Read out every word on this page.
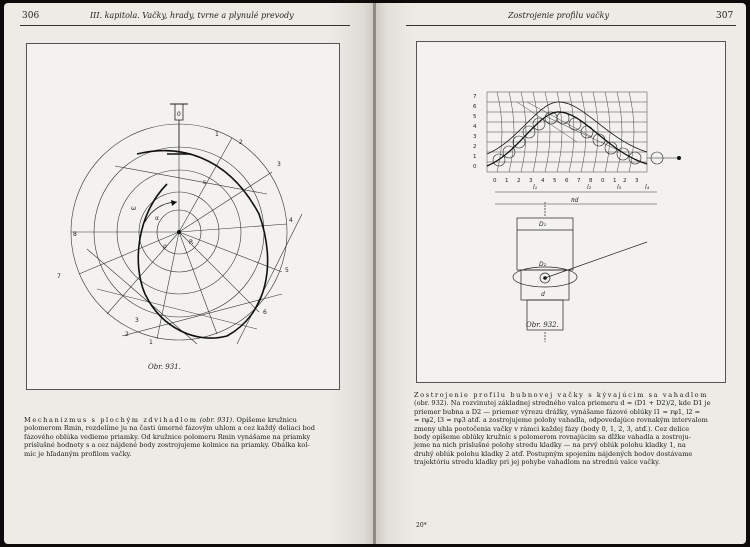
306	III. kapitola. Vačky, hrady, tvrne a plynulé prevody
1
2
3
4
5
6
7
8
3
2
1
0
ω
α
R
ρ
s
Obr. 931.

Mechanizmus s plochým zdvihadlom (obr. 931). Opíšeme kružnicu

polomerom Rmin, rozdelíme ju na časti úmerné fázovým uhlom a cez každý deliaci bod

fázového oblúka vedieme priamky. Od kružnice polomeru Rmin vynášame na priamky

príslušné hodnoty s a cez nájdené body zostrojujeme kolmice na priamky. Obálka kol-

míc je hľadaným profilom vačky.

Zostrojenie profilu vačky	307
7
6
5
4
3
2
1
0
0 1 2 3 4 5 6 7 8 0 1 2 3
l₁	l₂	l₃	l₄
πd
D₁
D₂
d
Obr. 932.

Zostrojenie profilu bubnovej vačky s kývajúcim sa vahadlom

(obr. 932). Na rozvinutej základnej stredného valca priemeru d = (D1 + D2)/2, kde D1 je

priemer bubna a D2 — priemer výrezu drážky, vynášame fázové oblúky l1 = rφ1, l2 =

= rφ2, l3 = rφ3 atď. a zostrojujeme polohy vahadla, odpovedajúce rovnakým intervalom

zmeny uhla pootočenia vačky v rámci každej fázy (body 0, 1, 2, 3, atď.). Cez delice

body opíšeme oblúky kružníc s polomerom rovnajúcim sa dĺžke vahadla a zostroju-

jeme na nich príslušné polohy stredu kladky — na prvý oblúk polohu kladky 1, na

druhý oblúk polohu kladky 2 atď. Postupným spojením nájdených bodov dostávame

trajektóriu stredu kladky pri jej pohybe vahadlom na strednú valce vačky.

20*
